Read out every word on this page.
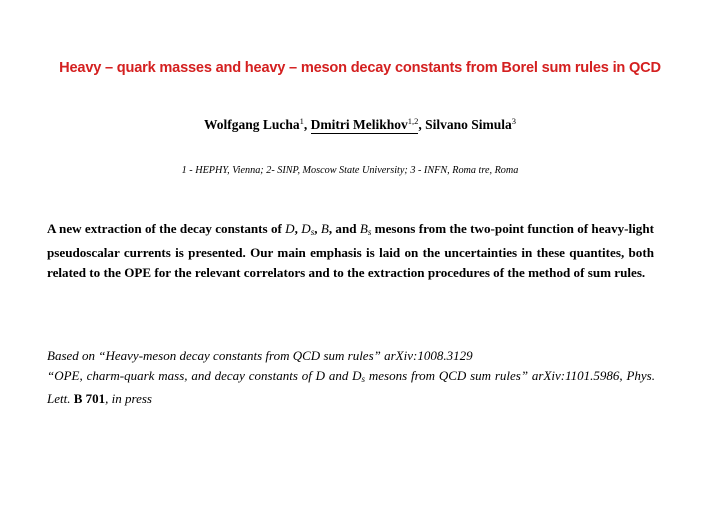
Heavy – quark masses and heavy – meson decay constants from Borel sum rules in QCD
Wolfgang Lucha$^1$, Dmitri Melikhov$^{1,2}$, Silvano Simula$^3$
1 - HEPHY, Vienna; 2- SINP, Moscow State University; 3 - INFN, Roma tre, Roma
A new extraction of the decay constants of D, $D_s$, B, and $B_s$ mesons from the two-point function of heavy-light pseudoscalar currents is presented. Our main emphasis is laid on the uncertainties in these quantites, both related to the OPE for the relevant correlators and to the extraction procedures of the method of sum rules.
Based on “Heavy-meson decay constants from QCD sum rules” arXiv:1008.3129
“OPE, charm-quark mass, and decay constants of D and $D_s$ mesons from QCD sum rules” arXiv:1101.5986, Phys. Lett. B 701, in press
